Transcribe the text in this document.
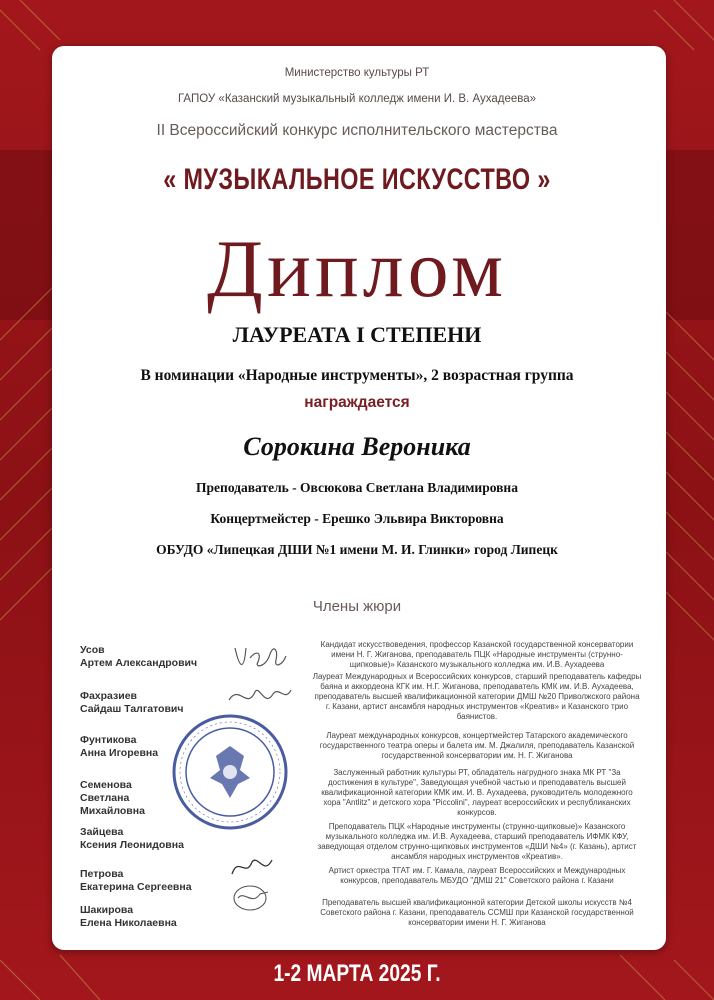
Министерство культуры РТ
ГАПОУ «Казанский музыкальный колледж имени И. В. Аухадеева»
II Всероссийский конкурс исполнительского мастерства
« МУЗЫКАЛЬНОЕ ИСКУССТВО »
Диплом
ЛАУРЕАТА I СТЕПЕНИ
В номинации «Народные инструменты», 2 возрастная группа
награждается
Сорокина Вероника
Преподаватель - Овсюкова Светлана Владимировна
Концертмейстер - Ерешко Эльвира Викторовна
ОБУДО «Липецкая ДШИ №1 имени М. И. Глинки» город Липецк
Члены жюри
Усов
Артем Александрович
Кандидат искусствоведения, профессор Казанской государственной консерватории имени Н. Г. Жиганова, преподаватель ПЦК «Народные инструменты (струнно-щипковые)» Казанского музыкального колледжа им. И.В. Аухадеева
Фахразиев
Сайдаш Талгатович
Лауреат Международных и Всероссийских конкурсов, старший преподаватель кафедры баяна и аккордеона КГК им. Н.Г. Жиганова, преподаватель КМК им. И.В. Аухадеева, преподаватель высшей квалификационной категории ДМШ №20 Приволжского района г. Казани, артист ансамбля народных инструментов «Креатив» и Казанского трио баянистов.
Фунтикова
Анна Игоревна
Лауреат международных конкурсов, концертмейстер Татарского академического государственного театра оперы и балета им. М. Джалиля, преподаватель Казанской государственной консерватории им. Н. Г. Жиганова
Семенова
Светлана
Михайловна
Заслуженный работник культуры РТ, обладатель нагрудного знака МК РТ "За достижения в культуре", Заведующая учебной частью и преподаватель высшей квалификационной категории КМК им. И. В. Аухадеева, руководитель молодежного хора "Antlitz" и детского хора "Piccolini", лауреат всероссийских и республиканских конкурсов.
Зайцева
Ксения Леонидовна
Преподаватель ПЦК «Народные инструменты (струнно-щипковые)» Казанского музыкального колледжа им. И.В. Аухадеева, старший преподаватель ИФМК КФУ, заведующая отделом струнно-щипковых инструментов «ДШИ №4» (г. Казань), артист ансамбля народных инструментов «Креатив».
Петрова
Екатерина Сергеевна
Артист оркестра ТГАТ им. Г. Камала, лауреат Всероссийских и Международных конкурсов, преподаватель МБУДО "ДМШ 21" Советского района г. Казани
Шакирова
Елена Николаевна
Преподаватель высшей квалификационной категории Детской школы искусств №4 Советского района г. Казани, преподаватель ССМШ при Казанской государственной консерватории имени Н. Г. Жиганова
1-2 МАРТА 2025 Г.
